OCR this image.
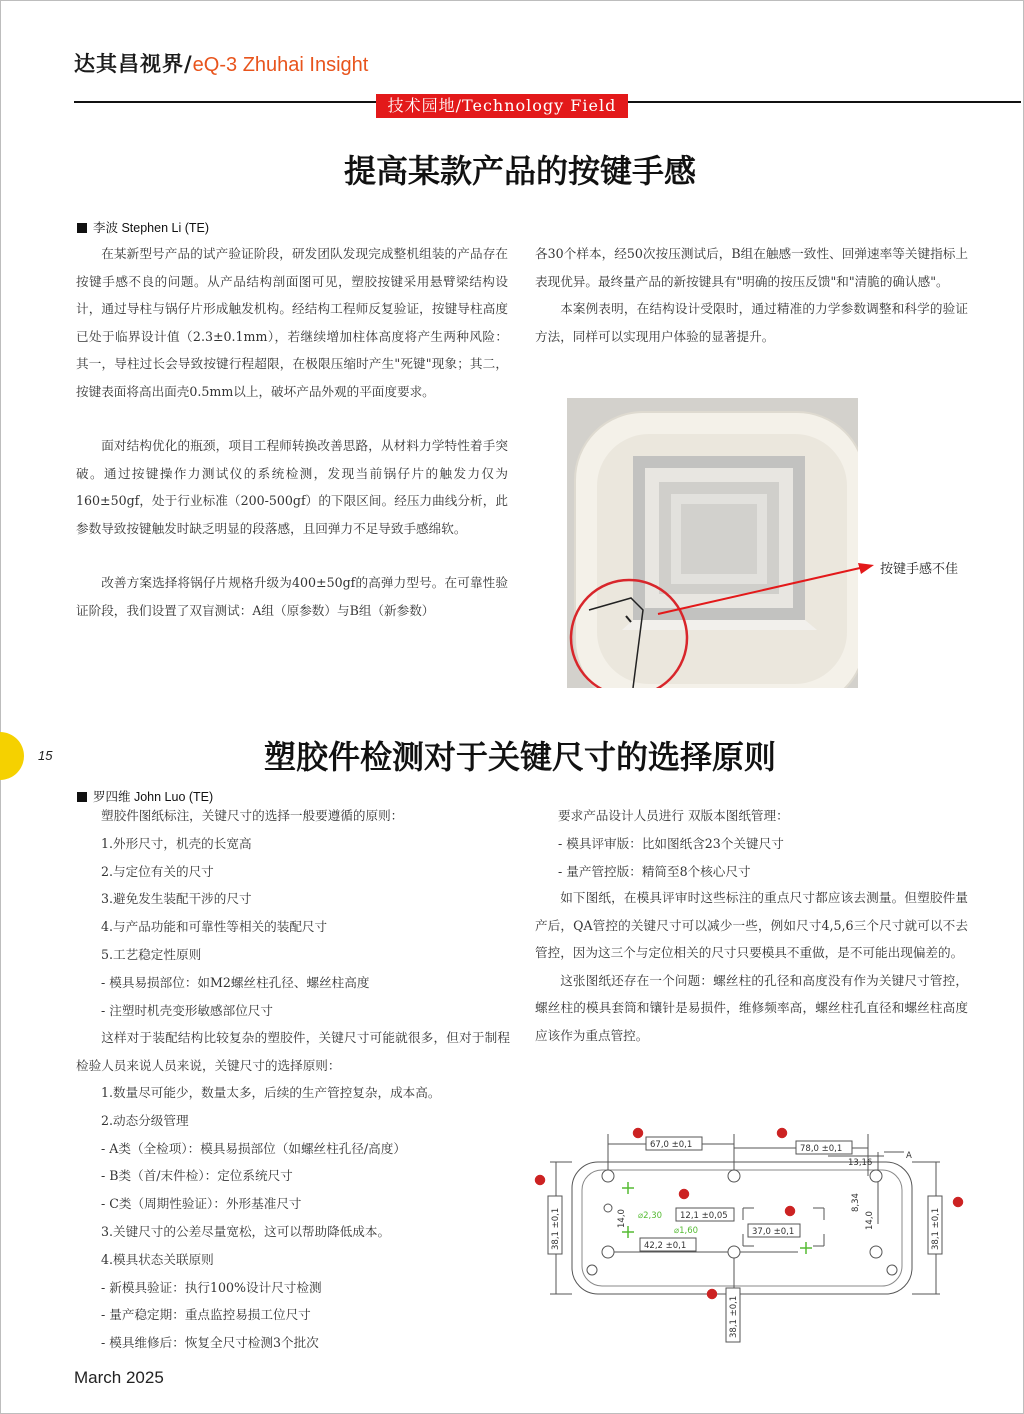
达其昌视界/eQ-3 Zhuhai Insight
技术园地/Technology Field
提高某款产品的按键手感
李波 Stephen Li (TE)

在某新型号产品的试产验证阶段，研发团队发现完成整机组装的产品存在按键手感不良的问题。从产品结构剖面图可见，塑胶按键采用悬臂梁结构设计，通过导柱与锅仔片形成触发机构。经结构工程师反复验证，按键导柱高度已处于临界设计值（2.3±0.1mm），若继续增加柱体高度将产生两种风险：其一，导柱过长会导致按键行程超限，在极限压缩时产生"死键"现象；其二，按键表面将高出面壳0.5mm以上，破坏产品外观的平面度要求。

面对结构优化的瓶颈，项目工程师转换改善思路，从材料力学特性着手突破。通过按键操作力测试仪的系统检测，发现当前锅仔片的触发力仅为160±50gf，处于行业标准（200-500gf）的下限区间。经压力曲线分析，此参数导致按键触发时缺乏明显的段落感，且回弹力不足导致手感绵软。

改善方案选择将锅仔片规格升级为400±50gf的高弹力型号。在可靠性验证阶段，我们设置了双盲测试：A组（原参数）与B组（新参数）

各30个样本，经50次按压测试后，B组在触感一致性、回弹速率等关键指标上表现优异。最终量产品的新按键具有"明确的按压反馈"和"清脆的确认感"。

本案例表明，在结构设计受限时，通过精准的力学参数调整和科学的验证方法，同样可以实现用户体验的显著提升。

按键手感不佳
15	塑胶件检测对于关键尺寸的选择原则
罗四维 John Luo (TE)
塑胶件图纸标注，关键尺寸的选择一般要遵循的原则：
1.外形尺寸，机壳的长宽高
2.与定位有关的尺寸
3.避免发生装配干涉的尺寸
4.与产品功能和可靠性等相关的装配尺寸
5.工艺稳定性原则
- 模具易损部位：如M2螺丝柱孔径、螺丝柱高度
- 注塑时机壳变形敏感部位尺寸

这样对于装配结构比较复杂的塑胶件，关键尺寸可能就很多，但对于制程检验人员来说人员来说，关键尺寸的选择原则：

1.数量尽可能少，数量太多，后续的生产管控复杂，成本高。
2.动态分级管理
- A类（全检项）：模具易损部位（如螺丝柱孔径/高度）
- B类（首/末件检）：定位系统尺寸
- C类（周期性验证）：外形基准尺寸
3.关键尺寸的公差尽量宽松，这可以帮助降低成本。
4.模具状态关联原则
- 新模具验证：执行100%设计尺寸检测
- 量产稳定期：重点监控易损工位尺寸
- 模具维修后：恢复全尺寸检测3个批次
要求产品设计人员进行 双版本图纸管理：
- 模具评审版：比如图纸含23个关键尺寸
- 量产管控版：精简至8个核心尺寸

如下图纸，在模具评审时这些标注的重点尺寸都应该去测量。但塑胶件量产后，QA管控的关键尺寸可以减少一些，例如尺寸4,5,6三个尺寸就可以不去管控，因为这三个与定位相关的尺寸只要模具不重做，是不可能出现偏差的。

这张图纸还存在一个问题：螺丝柱的孔径和高度没有作为关键尺寸管控，螺丝柱的模具套筒和镶针是易损件，维修频率高，螺丝柱孔直径和螺丝柱高度应该作为重点管控。

1	2
67,0 ±0,1	78,0 ±0,1
13,16
A
12,1 ±0,05
37,0 ±0,1
42,2 ±0,1
⌀2,30
⌀1,60
38,1 ±0,1	38,1 ±0,1
38,1 ±0,1
14,0	14,0
8,34
March 2025
